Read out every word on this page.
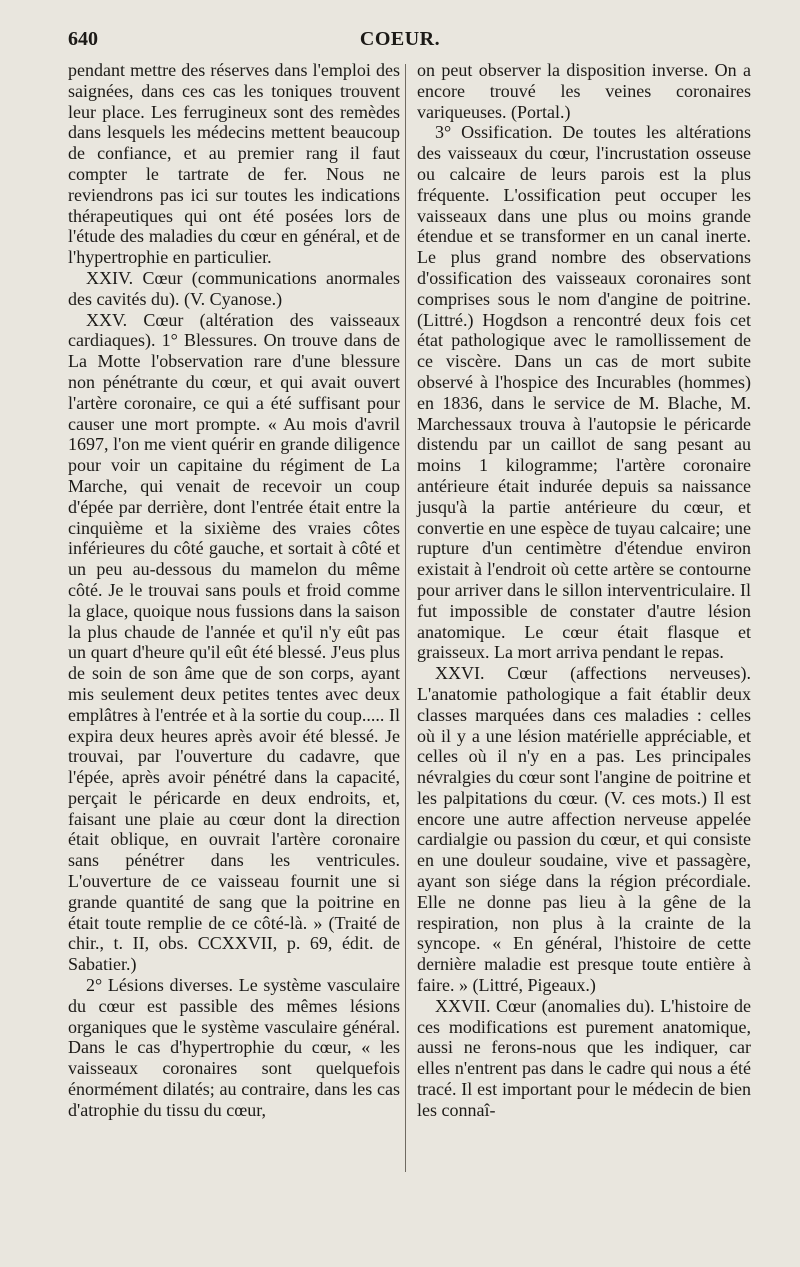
640	COEUR.

pendant mettre des réserves dans l'emploi des saignées, dans ces cas les toniques trouvent leur place. Les ferrugineux sont des remèdes dans lesquels les médecins mettent beaucoup de confiance, et au premier rang il faut compter le tartrate de fer. Nous ne reviendrons pas ici sur toutes les indications thérapeutiques qui ont été posées lors de l'étude des maladies du cœur en général, et de l'hypertrophie en particulier.

XXIV. Cœur (communications anormales des cavités du). (V. Cyanose.)

XXV. Cœur (altération des vaisseaux cardiaques). 1° Blessures. On trouve dans de La Motte l'observation rare d'une blessure non pénétrante du cœur, et qui avait ouvert l'artère coronaire, ce qui a été suffisant pour causer une mort prompte. « Au mois d'avril 1697, l'on me vient quérir en grande diligence pour voir un capitaine du régiment de La Marche, qui venait de recevoir un coup d'épée par derrière, dont l'entrée était entre la cinquième et la sixième des vraies côtes inférieures du côté gauche, et sortait à côté et un peu au-dessous du mamelon du même côté. Je le trouvai sans pouls et froid comme la glace, quoique nous fussions dans la saison la plus chaude de l'année et qu'il n'y eût pas un quart d'heure qu'il eût été blessé. J'eus plus de soin de son âme que de son corps, ayant mis seulement deux petites tentes avec deux emplâtres à l'entrée et à la sortie du coup..... Il expira deux heures après avoir été blessé. Je trouvai, par l'ouverture du cadavre, que l'épée, après avoir pénétré dans la capacité, perçait le péricarde en deux endroits, et, faisant une plaie au cœur dont la direction était oblique, en ouvrait l'artère coronaire sans pénétrer dans les ventricules. L'ouverture de ce vaisseau fournit une si grande quantité de sang que la poitrine en était toute remplie de ce côté-là. » (Traité de chir., t. II, obs. CCXXVII, p. 69, édit. de Sabatier.)

2° Lésions diverses. Le système vasculaire du cœur est passible des mêmes lésions organiques que le système vasculaire général. Dans le cas d'hypertrophie du cœur, « les vaisseaux coronaires sont quelquefois énormément dilatés; au contraire, dans les cas d'atrophie du tissu du cœur,

on peut observer la disposition inverse. On a encore trouvé les veines coronaires variqueuses. (Portal.)

3° Ossification. De toutes les altérations des vaisseaux du cœur, l'incrustation osseuse ou calcaire de leurs parois est la plus fréquente. L'ossification peut occuper les vaisseaux dans une plus ou moins grande étendue et se transformer en un canal inerte. Le plus grand nombre des observations d'ossification des vaisseaux coronaires sont comprises sous le nom d'angine de poitrine. (Littré.) Hogdson a rencontré deux fois cet état pathologique avec le ramollissement de ce viscère. Dans un cas de mort subite observé à l'hospice des Incurables (hommes) en 1836, dans le service de M. Blache, M. Marchessaux trouva à l'autopsie le péricarde distendu par un caillot de sang pesant au moins 1 kilogramme; l'artère coronaire antérieure était indurée depuis sa naissance jusqu'à la partie antérieure du cœur, et convertie en une espèce de tuyau calcaire; une rupture d'un centimètre d'étendue environ existait à l'endroit où cette artère se contourne pour arriver dans le sillon interventriculaire. Il fut impossible de constater d'autre lésion anatomique. Le cœur était flasque et graisseux. La mort arriva pendant le repas.

XXVI. Cœur (affections nerveuses). L'anatomie pathologique a fait établir deux classes marquées dans ces maladies : celles où il y a une lésion matérielle appréciable, et celles où il n'y en a pas. Les principales névralgies du cœur sont l'angine de poitrine et les palpitations du cœur. (V. ces mots.) Il est encore une autre affection nerveuse appelée cardialgie ou passion du cœur, et qui consiste en une douleur soudaine, vive et passagère, ayant son siége dans la région précordiale. Elle ne donne pas lieu à la gêne de la respiration, non plus à la crainte de la syncope. « En général, l'histoire de cette dernière maladie est presque toute entière à faire. » (Littré, Pigeaux.)

XXVII. Cœur (anomalies du). L'histoire de ces modifications est purement anatomique, aussi ne ferons-nous que les indiquer, car elles n'entrent pas dans le cadre qui nous a été tracé. Il est important pour le médecin de bien les connaî-
